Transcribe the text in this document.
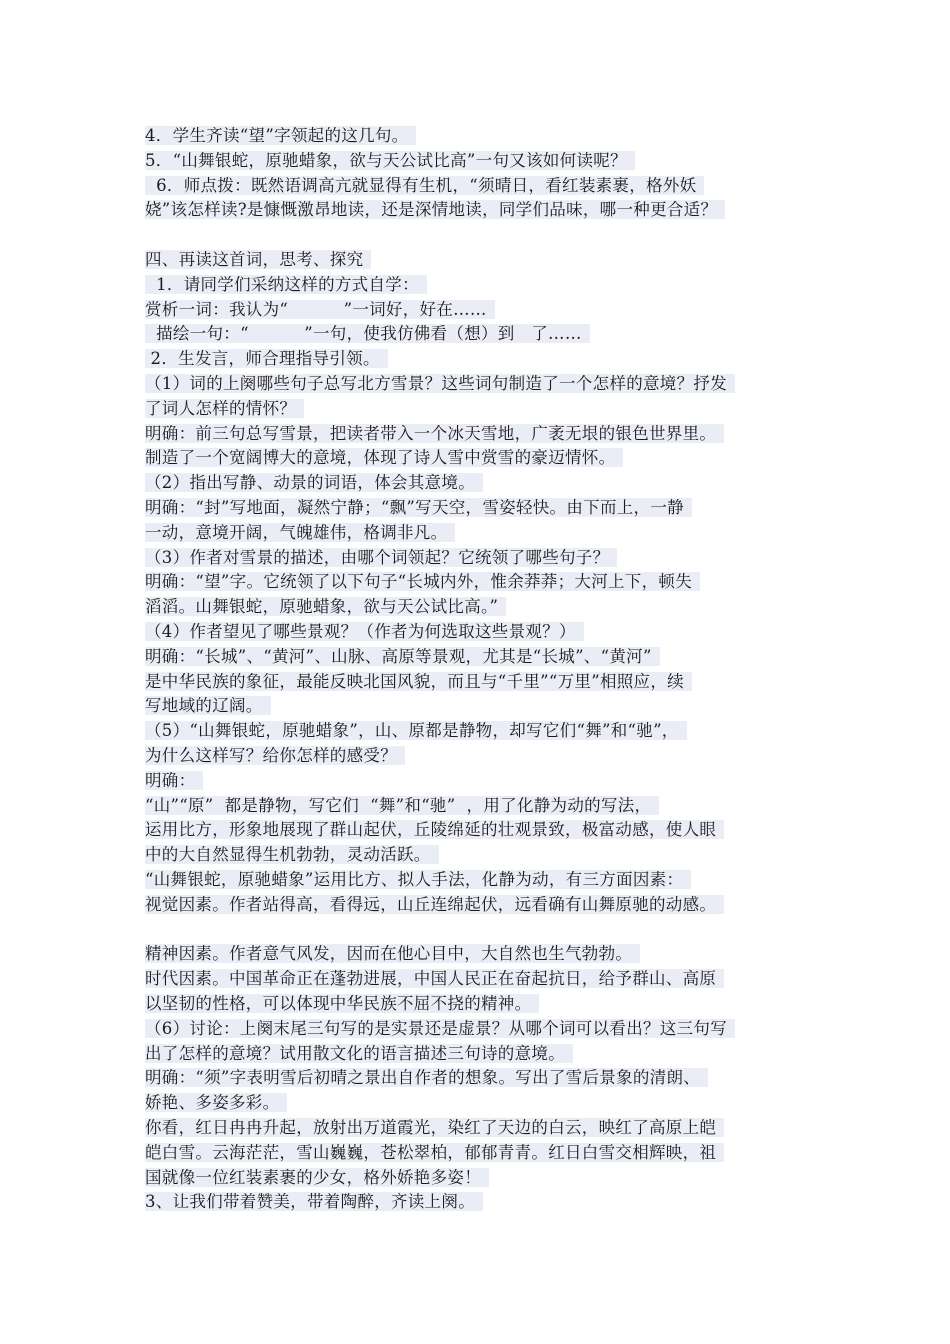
4．学生齐读“望”字领起的这几句。
5．“山舞银蛇，原驰蜡象，欲与天公试比高”一句又该如何读呢？
6．师点拨：既然语调高亢就显得有生机，“须晴日，看红装素裹，格外妖
娆”该怎样读?是慷慨激昂地读，还是深情地读，同学们品味，哪一种更合适？
四、再读这首词，思考、探究
1．请同学们采纳这样的方式自学：
赏析一词：我认为“          ”一词好，好在……
描绘一句：“          ”一句，使我仿佛看（想）到   了……
2．生发言，师合理指导引领。
（1）词的上阕哪些句子总写北方雪景？这些词句制造了一个怎样的意境？抒发
了词人怎样的情怀？
明确：前三句总写雪景，把读者带入一个冰天雪地，广袤无垠的银色世界里。
制造了一个宽阔博大的意境，体现了诗人雪中赏雪的豪迈情怀。
（2）指出写静、动景的词语，体会其意境。
明确：“封”写地面，凝然宁静；“飘”写天空，雪姿轻快。由下而上，一静
一动，意境开阔，气魄雄伟，格调非凡。
（3）作者对雪景的描述，由哪个词领起？它统领了哪些句子？
明确：“望”字。它统领了以下句子“长城内外，惟余莽莽；大河上下，顿失
滔滔。山舞银蛇，原驰蜡象，欲与天公试比高。”
（4）作者望见了哪些景观？（作者为何选取这些景观？）
明确：“长城”、“黄河”、山脉、高原等景观，尤其是“长城”、“黄河”
是中华民族的象征，最能反映北国风貌，而且与“千里”“万里”相照应，续
写地域的辽阔。
（5）“山舞银蛇，原驰蜡象”，山、原都是静物，却写它们“舞”和“驰”，
为什么这样写？给你怎样的感受？
明确：
“山”“原”  都是静物，写它们  “舞”和“驰”  ，用了化静为动的写法，
运用比方，形象地展现了群山起伏，丘陵绵延的壮观景致，极富动感，使人眼
中的大自然显得生机勃勃，灵动活跃。
“山舞银蛇，原驰蜡象”运用比方、拟人手法，化静为动，有三方面因素：
视觉因素。作者站得高，看得远，山丘连绵起伏，远看确有山舞原驰的动感。
精神因素。作者意气风发，因而在他心目中，大自然也生气勃勃。
时代因素。中国革命正在蓬勃进展，中国人民正在奋起抗日，给予群山、高原
以坚韧的性格，可以体现中华民族不屈不挠的精神。
（6）讨论：上阕末尾三句写的是实景还是虚景？从哪个词可以看出？这三句写
出了怎样的意境？试用散文化的语言描述三句诗的意境。
明确：“须”字表明雪后初晴之景出自作者的想象。写出了雪后景象的清朗、
娇艳、多姿多彩。
你看，红日冉冉升起，放射出万道霞光，染红了天边的白云，映红了高原上皑
皑白雪。云海茫茫，雪山巍巍，苍松翠柏，郁郁青青。红日白雪交相辉映，祖
国就像一位红装素裹的少女，格外娇艳多姿！
3、让我们带着赞美，带着陶醉，齐读上阕。
